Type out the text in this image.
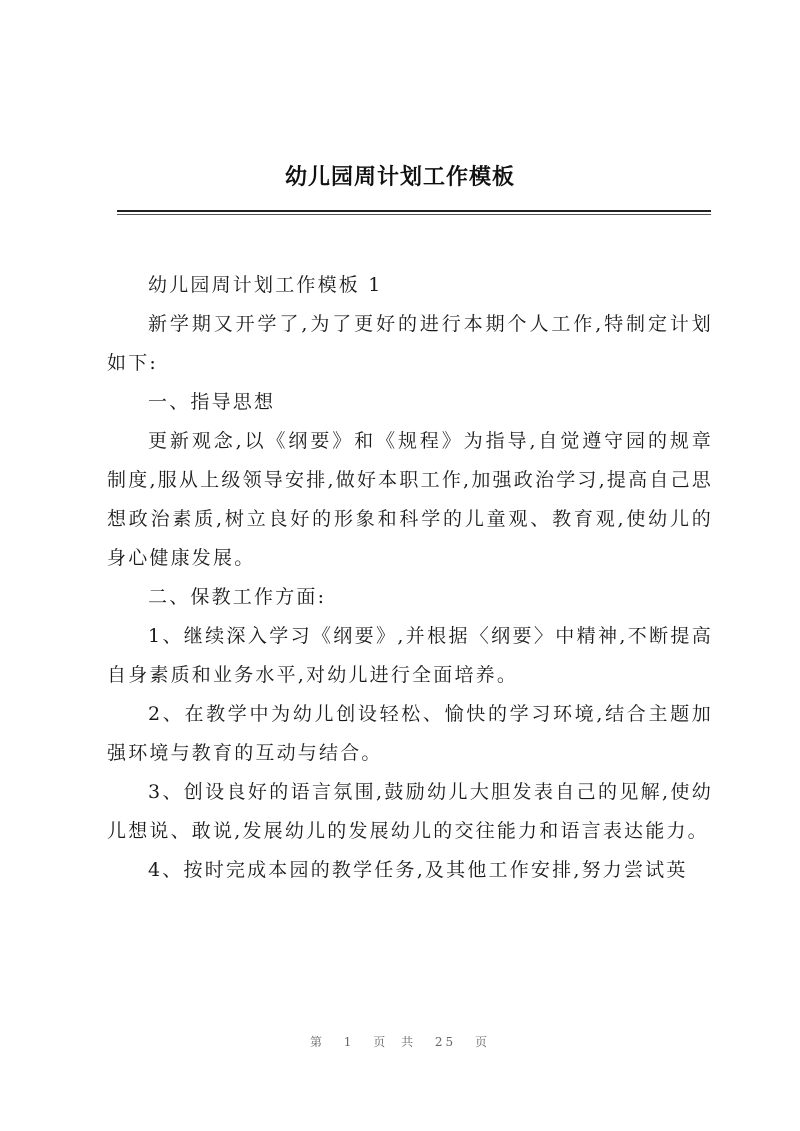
幼儿园周计划工作模板

幼儿园周计划工作模板 1

新学期又开学了,为了更好的进行本期个人工作,特制定计划如下:

一、指导思想

更新观念,以《纲要》和《规程》为指导,自觉遵守园的规章制度,服从上级领导安排,做好本职工作,加强政治学习,提高自己思想政治素质,树立良好的形象和科学的儿童观、教育观,使幼儿的身心健康发展。

二、保教工作方面:

1、继续深入学习《纲要》,并根据〈纲要〉中精神,不断提高自身素质和业务水平,对幼儿进行全面培养。

2、在教学中为幼儿创设轻松、愉快的学习环境,结合主题加强环境与教育的互动与结合。

3、创设良好的语言氛围,鼓励幼儿大胆发表自己的见解,使幼儿想说、敢说,发展幼儿的发展幼儿的交往能力和语言表达能力。

4、按时完成本园的教学任务,及其他工作安排,努力尝试英

第 1 页 共 25 页
